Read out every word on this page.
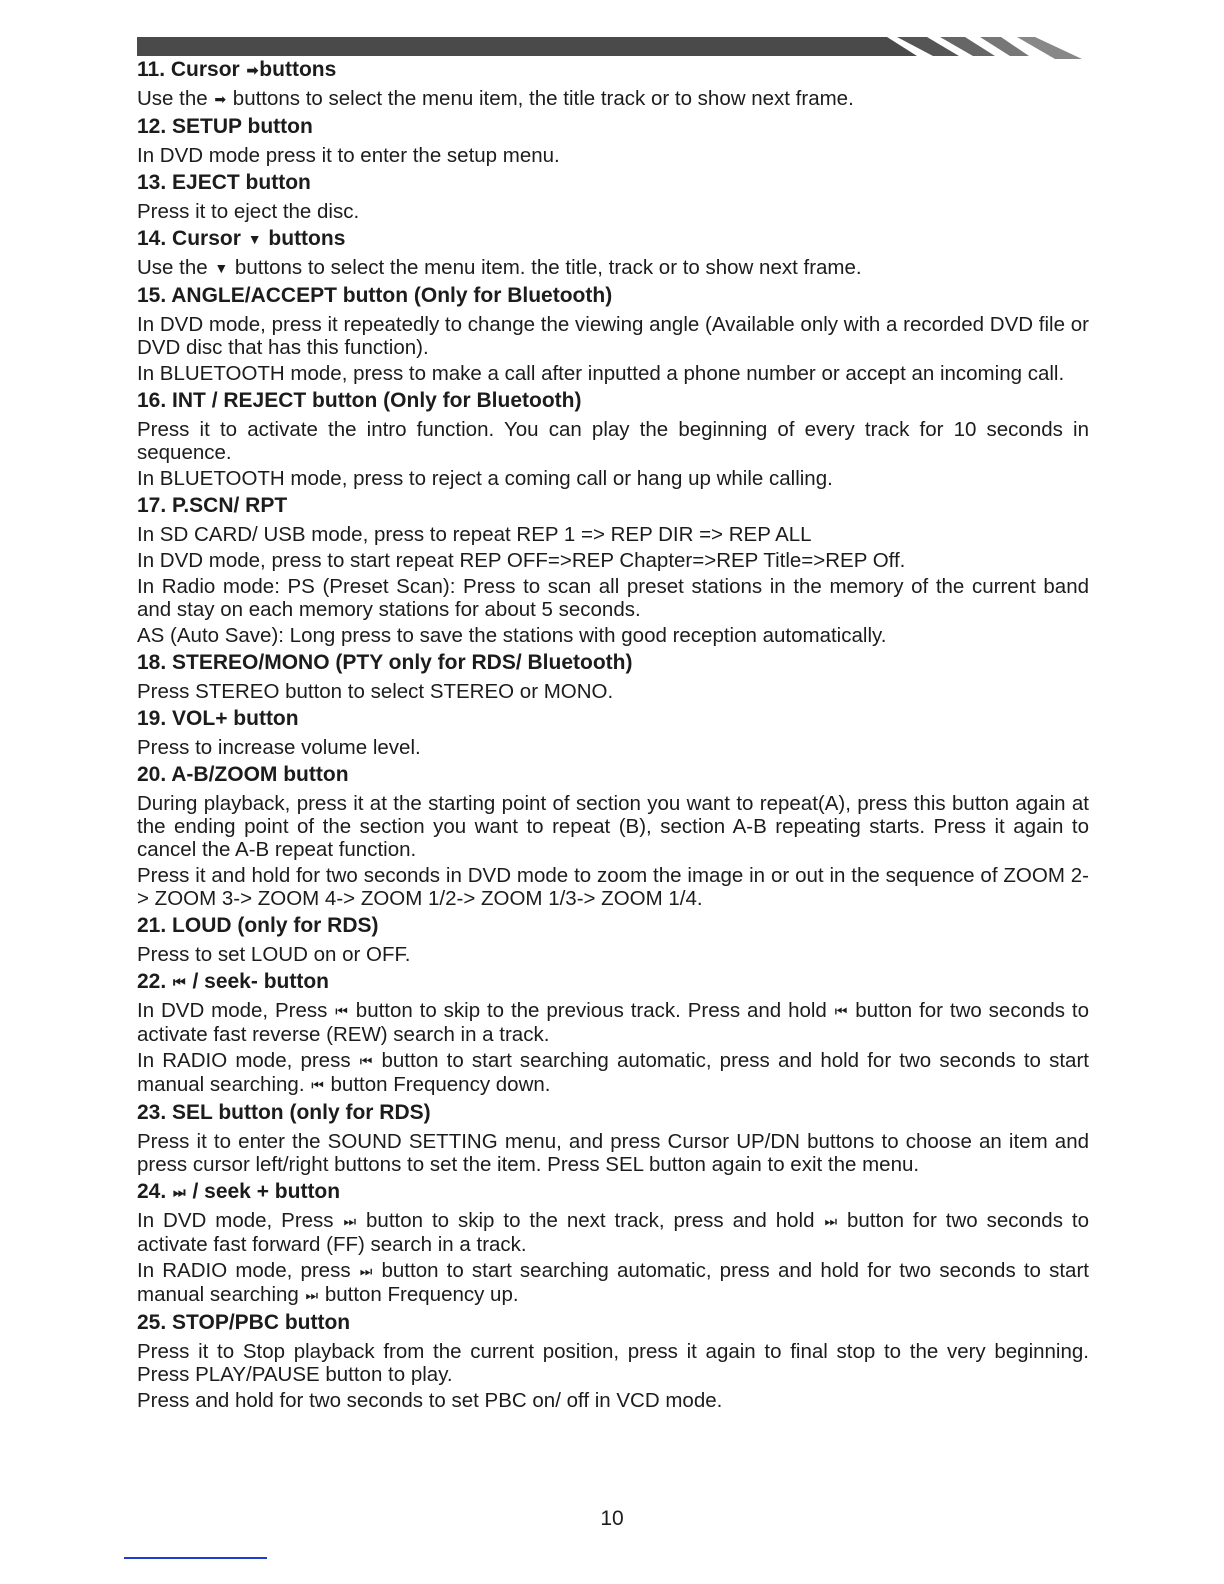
11. Cursor ➡buttons
Use the ➡ buttons to select the menu item, the title track or to show next frame.
12. SETUP button
In DVD mode press it to enter the setup menu.
13. EJECT button
Press it to eject the disc.
14. Cursor ▼ buttons
Use the ▼ buttons to select the menu item. the title, track or to show next frame.
15. ANGLE/ACCEPT button (Only for Bluetooth)
In DVD mode, press it repeatedly to change the viewing angle (Available only with a recorded DVD file or DVD disc that has this function).
In BLUETOOTH mode, press to make a call after inputted a phone number or accept an incoming call.
16. INT / REJECT button (Only for Bluetooth)
Press it to activate the intro function. You can play the beginning of every track for 10 seconds in sequence.
In BLUETOOTH mode, press to reject a coming call or hang up while calling.
17. P.SCN/ RPT
In SD CARD/ USB mode, press to repeat REP 1 => REP DIR => REP ALL
In DVD mode, press to start repeat REP OFF=>REP Chapter=>REP Title=>REP Off.
In Radio mode: PS (Preset Scan): Press to scan all preset stations in the memory of the current band and stay on each memory stations for about 5 seconds.
AS (Auto Save): Long press to save the stations with good reception automatically.
18. STEREO/MONO (PTY only for RDS/ Bluetooth)
Press STEREO button to select STEREO or MONO.
19. VOL+ button
Press to increase volume level.
20. A-B/ZOOM button
During playback, press it at the starting point of section you want to repeat(A), press this button again at the ending point of the section you want to repeat (B), section A-B repeating starts. Press it again to cancel the A-B repeat function.
Press it and hold for two seconds in DVD mode to zoom the image in or out in the sequence of ZOOM 2-> ZOOM 3-> ZOOM 4-> ZOOM 1/2-> ZOOM 1/3-> ZOOM 1/4.
21. LOUD (only for RDS)
Press to set LOUD on or OFF.
22. ⏮ / seek- button
In DVD mode, Press ⏮ button to skip to the previous track. Press and hold ⏮ button for two seconds to activate fast reverse (REW) search in a track.
In RADIO mode, press ⏮ button to start searching automatic, press and hold for two seconds to start manual searching. ⏮ button Frequency down.
23. SEL button (only for RDS)
Press it to enter the SOUND SETTING menu, and press Cursor UP/DN buttons to choose an item and press cursor left/right buttons to set the item. Press SEL button again to exit the menu.
24. ⏭ / seek + button
In DVD mode, Press ⏭ button to skip to the next track, press and hold ⏭ button for two seconds to activate fast forward (FF) search in a track.
In RADIO mode, press ⏭ button to start searching automatic, press and hold for two seconds to start manual searching ⏭ button Frequency up.
25. STOP/PBC button
Press it to Stop playback from the current position, press it again to final stop to the very beginning. Press PLAY/PAUSE button to play.
Press and hold for two seconds to set PBC on/ off in VCD mode.
10
